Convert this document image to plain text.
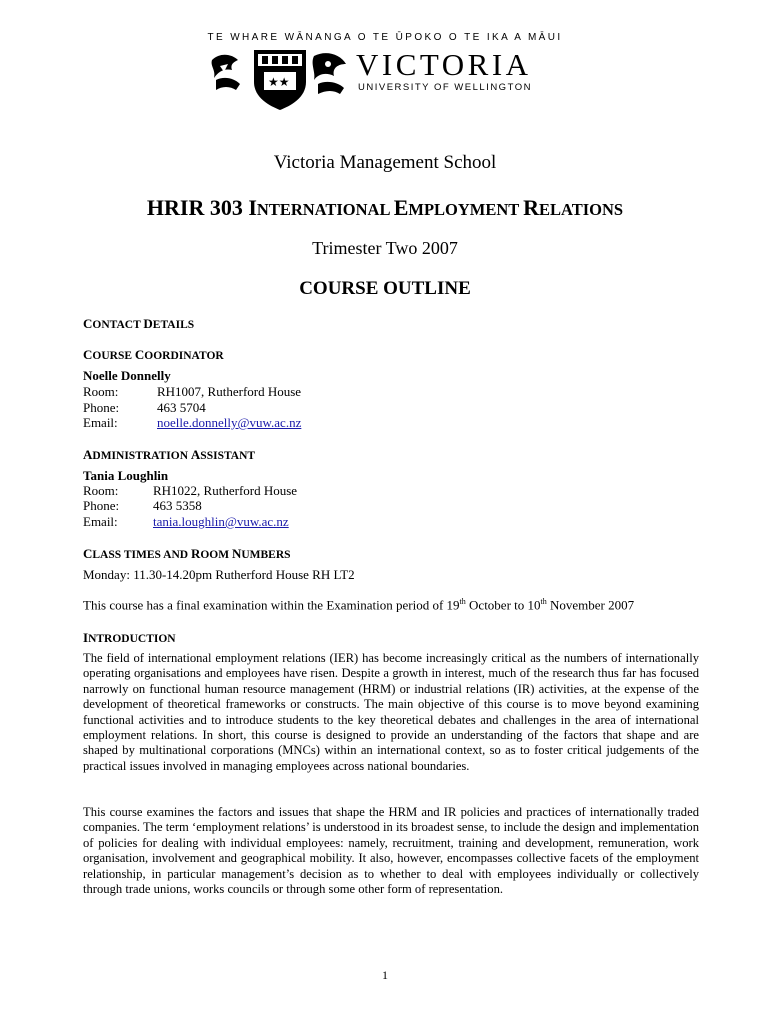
TE WHARE WĀNANGA O TE ŪPOKO O TE IKA A MĀUI
★★ VICTORIA
UNIVERSITY OF WELLINGTON
Victoria Management School
HRIR 303 INTERNATIONAL EMPLOYMENT RELATIONS
Trimester Two 2007
COURSE OUTLINE
CONTACT DETAILS
COURSE COORDINATOR
Noelle Donnelly
Room:	RH1007, Rutherford House
Phone:	463 5704
Email:	noelle.donnelly@vuw.ac.nz
ADMINISTRATION ASSISTANT
Tania Loughlin
Room:	RH1022, Rutherford House
Phone:	463 5358
Email:	tania.loughlin@vuw.ac.nz
CLASS TIMES AND ROOM NUMBERS
Monday: 11.30-14.20pm Rutherford House RH LT2
This course has a final examination within the Examination period of 19th October to 10th November 2007
INTRODUCTION
The field of international employment relations (IER) has become increasingly critical as the numbers of internationally operating organisations and employees have risen. Despite a growth in interest, much of the research thus far has focused narrowly on functional human resource management (HRM) or industrial relations (IR) activities, at the expense of the development of theoretical frameworks or constructs. The main objective of this course is to move beyond examining functional activities and to introduce students to the key theoretical debates and challenges in the area of international employment relations. In short, this course is designed to provide an understanding of the factors that shape and are shaped by multinational corporations (MNCs) within an international context, so as to foster critical judgements of the practical issues involved in managing employees across national boundaries.
This course examines the factors and issues that shape the HRM and IR policies and practices of internationally traded companies. The term ‘employment relations’ is understood in its broadest sense, to include the design and implementation of policies for dealing with individual employees: namely, recruitment, training and development, remuneration, work organisation, involvement and geographical mobility. It also, however, encompasses collective facets of the employment relationship, in particular management’s decision as to whether to deal with employees individually or collectively through trade unions, works councils or through some other form of representation.
1
